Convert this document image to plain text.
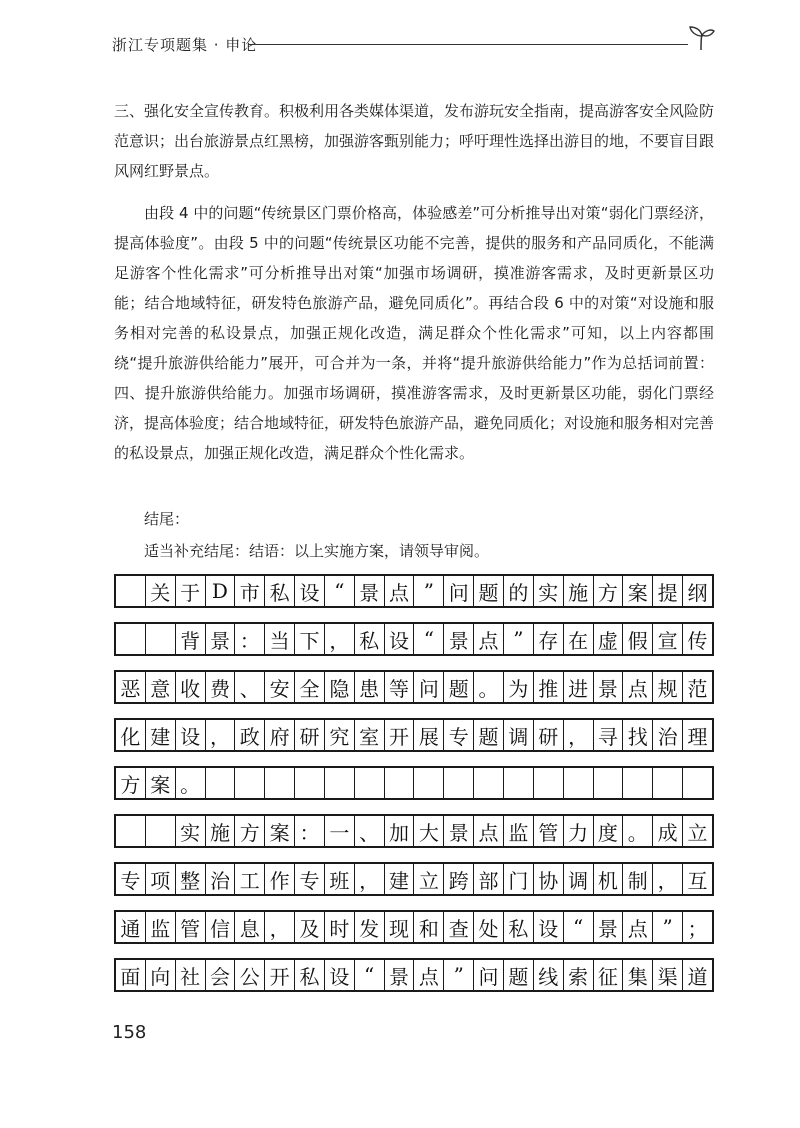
浙江专项题集 · 申论

三、强化安全宣传教育。积极利用各类媒体渠道，发布游玩安全指南，提高游客安全风险防范意识；出台旅游景点红黑榜，加强游客甄别能力；呼吁理性选择出游目的地，不要盲目跟风网红野景点。

由段 4 中的问题“传统景区门票价格高，体验感差”可分析推导出对策“弱化门票经济，提高体验度”。由段 5 中的问题“传统景区功能不完善，提供的服务和产品同质化，不能满足游客个性化需求”可分析推导出对策“加强市场调研，摸准游客需求，及时更新景区功能；结合地域特征，研发特色旅游产品，避免同质化”。再结合段 6 中的对策“对设施和服务相对完善的私设景点，加强正规化改造，满足群众个性化需求”可知，以上内容都围绕“提升旅游供给能力”展开，可合并为一条，并将“提升旅游供给能力”作为总括词前置：四、提升旅游供给能力。加强市场调研，摸准游客需求，及时更新景区功能，弱化门票经济，提高体验度；结合地域特征，研发特色旅游产品，避免同质化；对设施和服务相对完善的私设景点，加强正规化改造，满足群众个性化需求。

结尾：

适当补充结尾：结语：以上实施方案，请领导审阅。

关 于 D 市 私 设 “ 景 点 ” 问 题 的 实 施 方 案 提 纲
背 景 ： 当 下 ， 私 设 “ 景 点 ” 存 在 虚 假 宣 传
恶 意 收 费 、 安 全 隐 患 等 问 题 。 为 推 进 景 点 规 范
化 建 设 ， 政 府 研 究 室 开 展 专 题 调 研 ， 寻 找 治 理
方 案 。
实 施 方 案 ： 一 、 加 大 景 点 监 管 力 度 。 成 立
专 项 整 治 工 作 专 班 ， 建 立 跨 部 门 协 调 机 制 ， 互
通 监 管 信 息 ， 及 时 发 现 和 查 处 私 设 “ 景 点 ” ；
面 向 社 会 公 开 私 设 “ 景 点 ” 问 题 线 索 征 集 渠 道
158
